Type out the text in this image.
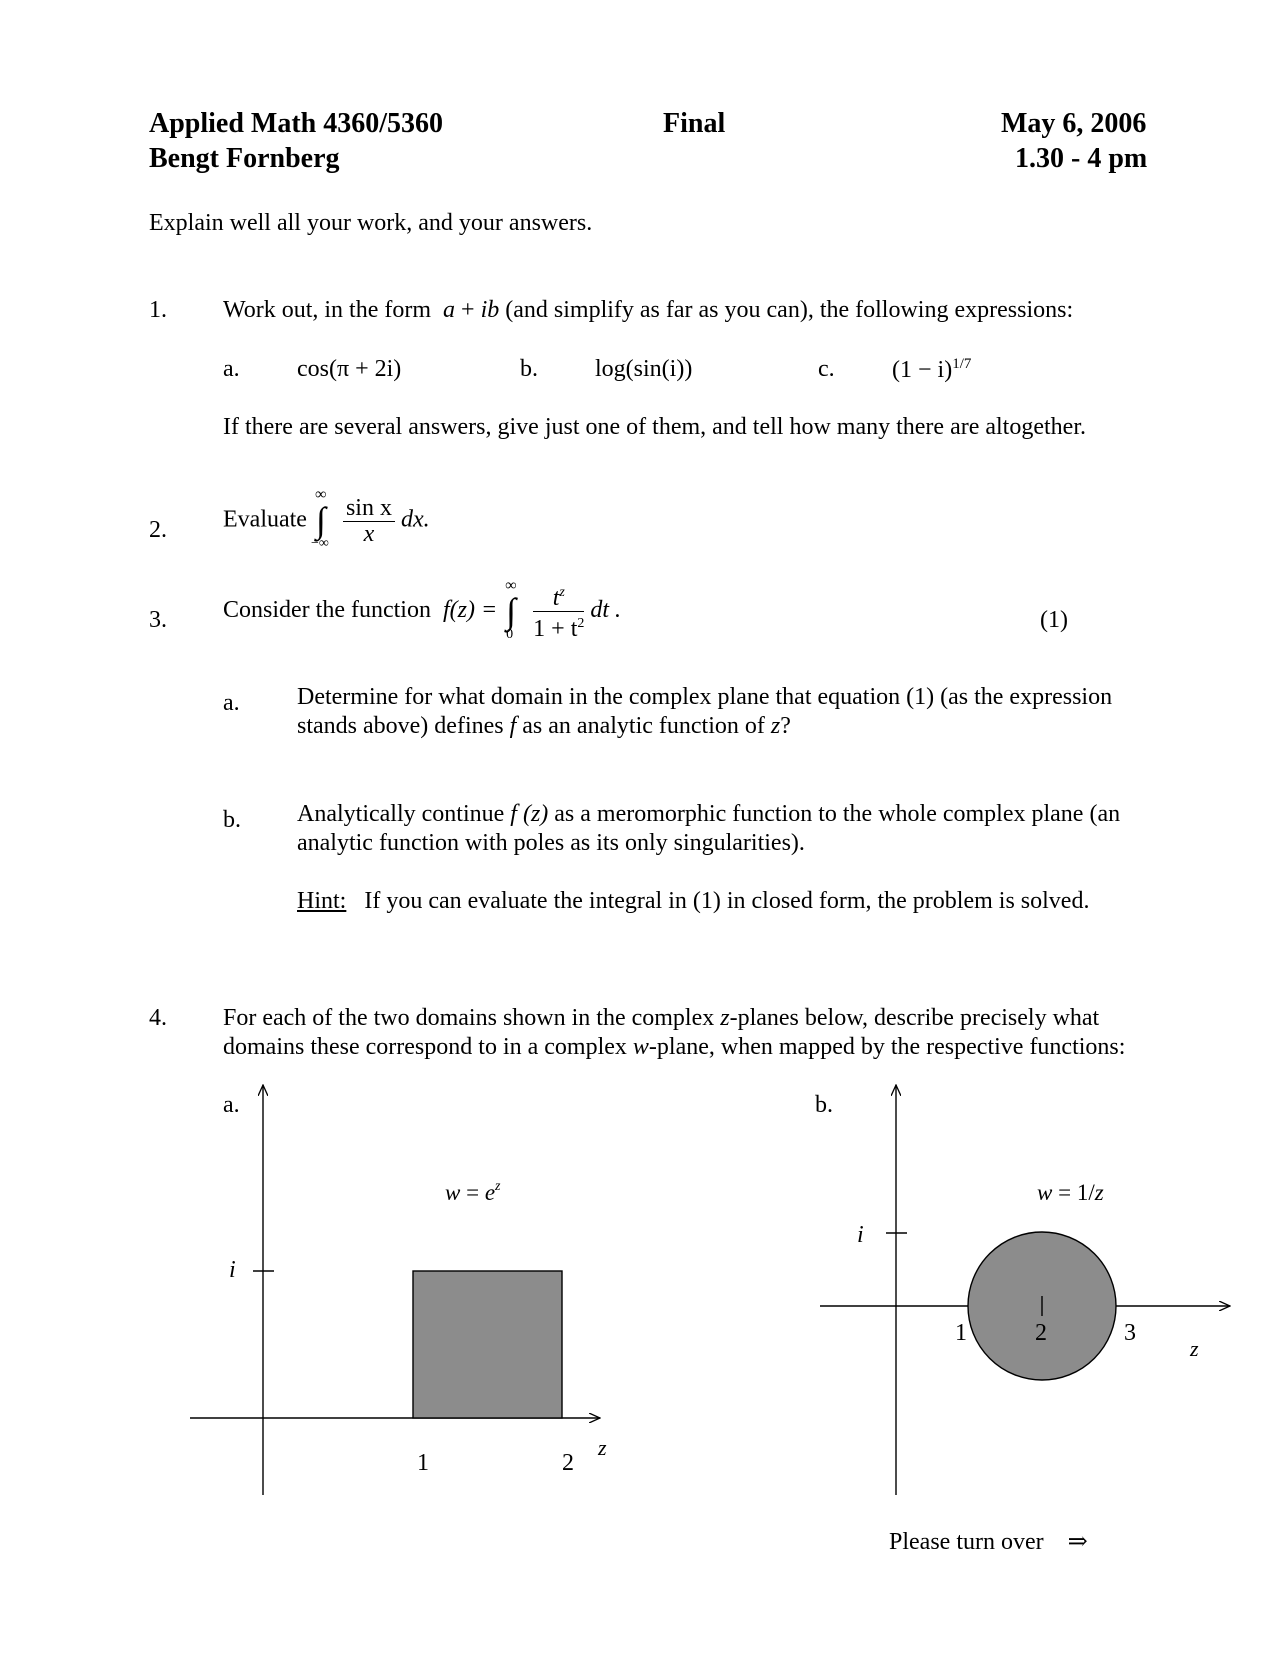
Applied Math 4360/5360
Bengt Fornberg
Final	May 6, 2006
1.30 - 4 pm
Explain well all your work, and your answers.
1. Work out, in the form a + ib (and simplify as far as you can), the following expressions:
a. cos(π + 2i)	b. log(sin(i))	c. $(1 - i)^{1/7}$
If there are several answers, give just one of them, and tell how many there are altogether.
2. Evaluate
∞
∫
−∞
$\frac{\text{sin x}}{x}$ dx.
3. Consider the function f(z) =
∞
∫
0
$\frac{t^z}{1 + t^2}$ dt .	(1)
a. Determine for what domain in the complex plane that equation (1) (as the expression
stands above) defines f as an analytic function of z?
b. Analytically continue f (z) as a meromorphic function to the whole complex plane (an
analytic function with poles as its only singularities).
Hint: If you can evaluate the integral in (1) in closed form, the problem is solved.
4. For each of the two domains shown in the complex z-planes below, describe precisely what
domains these correspond to in a complex w-plane, when mapped by the respective functions:
a.
i
1	2
z
$w = e^z$
b.
i
1	2	3
z
w = 1/z
Please turn over ⇒
